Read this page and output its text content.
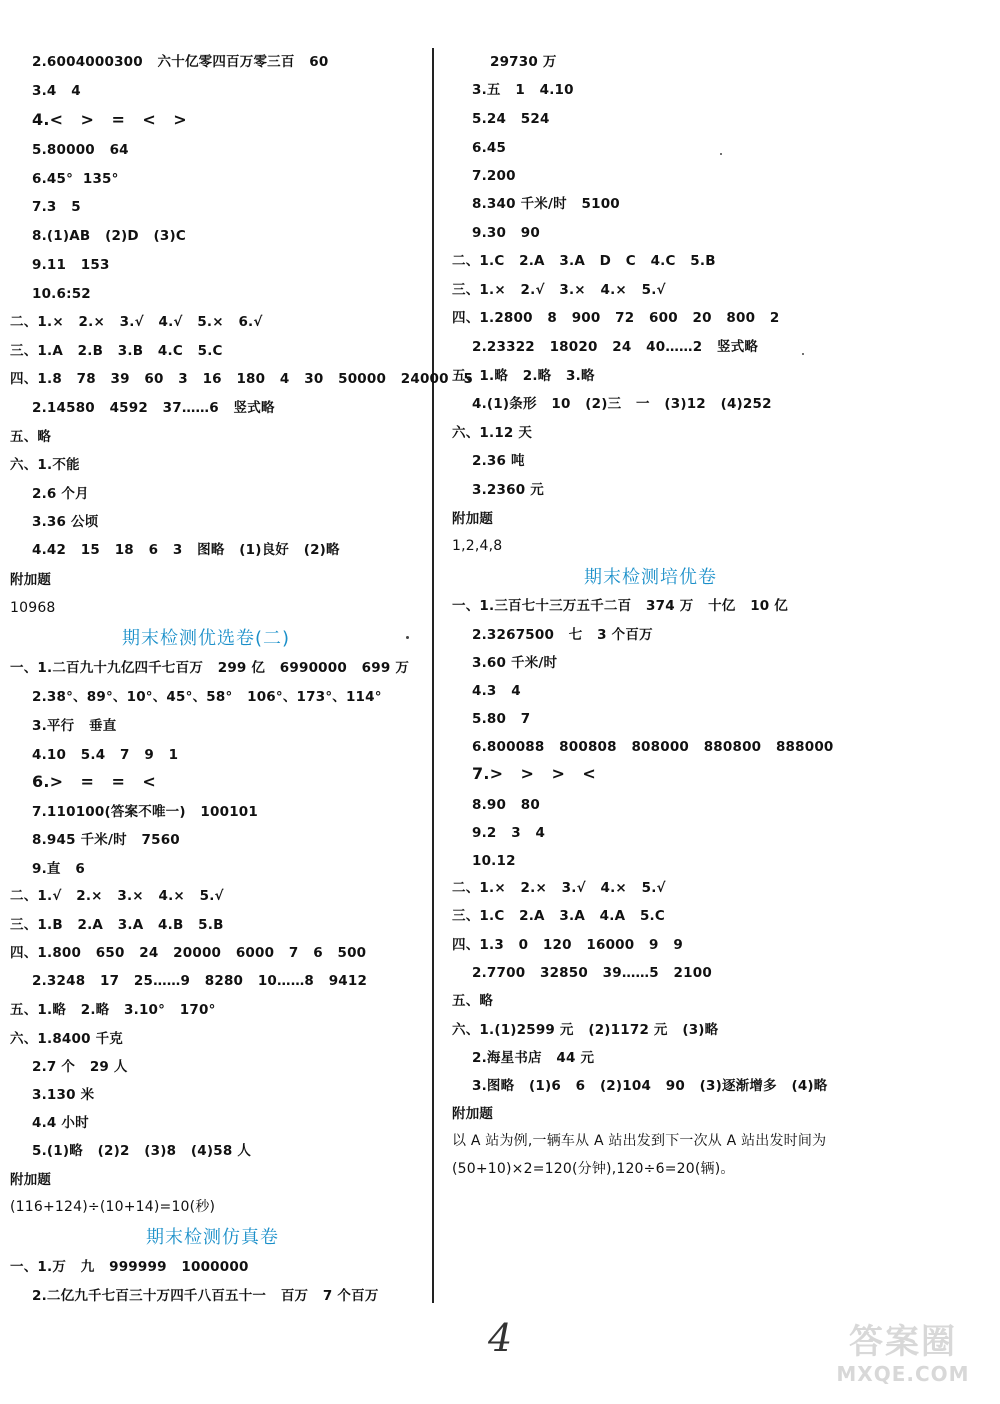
2.6004000300   六十亿零四百万零三百   60
3.4   4
4.<   >   =   <   >
5.80000   64
6.45°  135°
7.3   5
8.(1)AB   (2)D   (3)C
9.11   153
10.6:52
二、1.×   2.×   3.√   4.√   5.×   6.√
三、1.A   2.B   3.B   4.C   5.C
四、1.8   78   39   60   3   16   180   4   30   50000   24000   5
2.14580   4592   37……6   竖式略
五、略
六、1.不能
2.6 个月
3.36 公顷
4.42   15   18   6   3   图略   (1)良好   (2)略
附加题
10968
期末检测优选卷(二)
一、1.二百九十九亿四千七百万   299 亿   6990000   699 万
2.38°、89°、10°、45°、58°   106°、173°、114°
3.平行   垂直
4.10   5.4   7   9   1
6.>   =   =   <
7.110100(答案不唯一)   100101
8.945 千米/时   7560
9.直   6
二、1.√   2.×   3.×   4.×   5.√
三、1.B   2.A   3.A   4.B   5.B
四、1.800   650   24   20000   6000   7   6   500
2.3248   17   25……9   8280   10……8   9412
五、1.略   2.略   3.10°   170°
六、1.8400 千克
2.7 个   29 人
3.130 米
4.4 小时
5.(1)略   (2)2   (3)8   (4)58 人
附加题
(116+124)÷(10+14)=10(秒)
期末检测仿真卷
一、1.万   九   999999   1000000
2.二亿九千七百三十万四千八百五十一   百万   7 个百万
29730 万
3.五   1   4.10
5.24   524
6.45
7.200
8.340 千米/时   5100
9.30   90
二、1.C   2.A   3.A   D   C   4.C   5.B
三、1.×   2.√   3.×   4.×   5.√
四、1.2800   8   900   72   600   20   800   2
2.23322   18020   24   40……2   竖式略
五、1.略   2.略   3.略
4.(1)条形   10   (2)三   一   (3)12   (4)252
六、1.12 天
2.36 吨
3.2360 元
附加题
1,2,4,8
期末检测培优卷
一、1.三百七十三万五千二百   374 万   十亿   10 亿
2.3267500   七   3 个百万
3.60 千米/时
4.3   4
5.80   7
6.800088   800808   808000   880800   888000
7.>   >   >   <
8.90   80
9.2   3   4
10.12
二、1.×   2.×   3.√   4.×   5.√
三、1.C   2.A   3.A   4.A   5.C
四、1.3   0   120   16000   9   9
2.7700   32850   39……5   2100
五、略
六、1.(1)2599 元   (2)1172 元   (3)略
2.海星书店   44 元
3.图略   (1)6   6   (2)104   90   (3)逐渐增多   (4)略
附加题
以 A 站为例,一辆车从 A 站出发到下一次从 A 站出发时间为
(50+10)×2=120(分钟),120÷6=20(辆)。
4	答案圈
MXQE.COM
